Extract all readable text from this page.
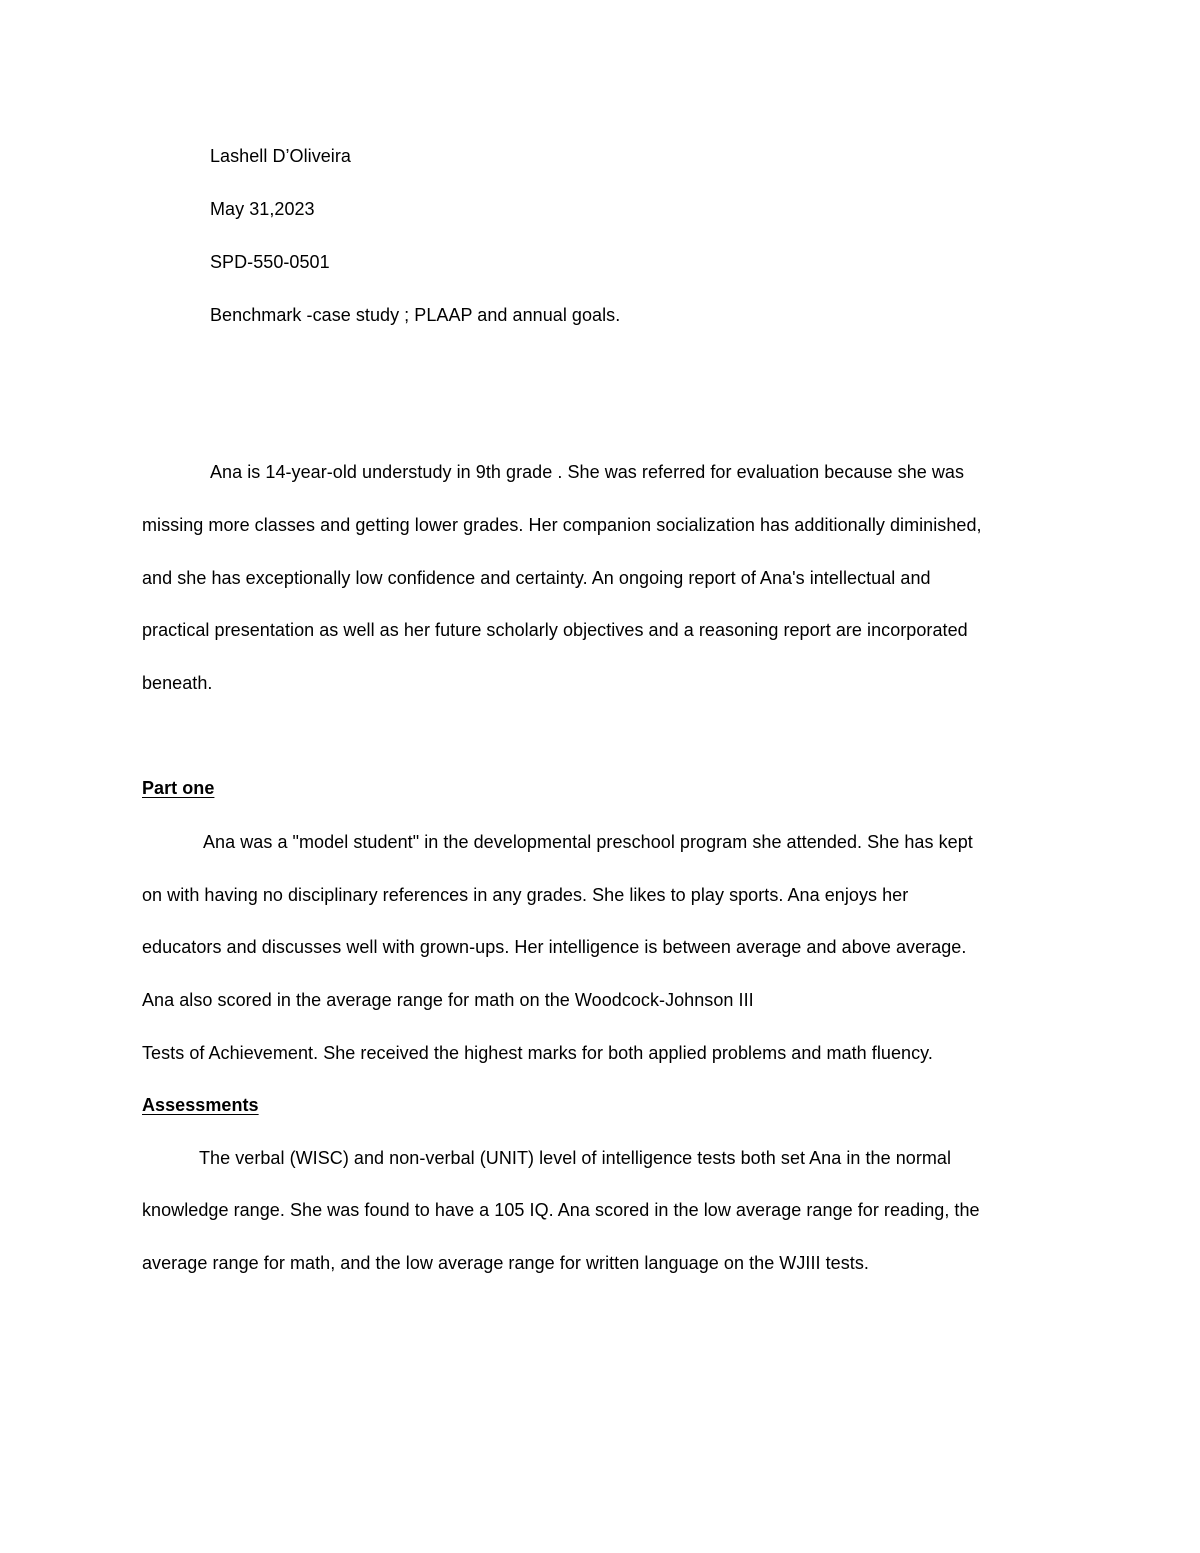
Lashell D’Oliveira
May 31,2023
SPD-550-0501
Benchmark -case study ; PLAAP and annual goals.
Ana is 14-year-old understudy in 9th grade . She was referred for evaluation because she was
missing more classes and getting lower grades. Her companion socialization has additionally diminished,
and she has exceptionally low confidence and certainty. An ongoing report of Ana's intellectual and
practical presentation as well as her future scholarly objectives and a reasoning report are incorporated
beneath.
Part one
Ana was a "model student" in the developmental preschool program she attended. She has kept
on with having no disciplinary references in any grades. She likes to play sports. Ana enjoys her
educators and discusses well with grown-ups. Her intelligence is between average and above average.
Ana also scored in the average range for math on the Woodcock-Johnson III
Tests of Achievement. She received the highest marks for both applied problems and math fluency.
Assessments
The verbal (WISC) and non-verbal (UNIT) level of intelligence tests both set Ana in the normal
knowledge range. She was found to have a 105 IQ. Ana scored in the low average range for reading, the
average range for math, and the low average range for written language on the WJIII tests.
